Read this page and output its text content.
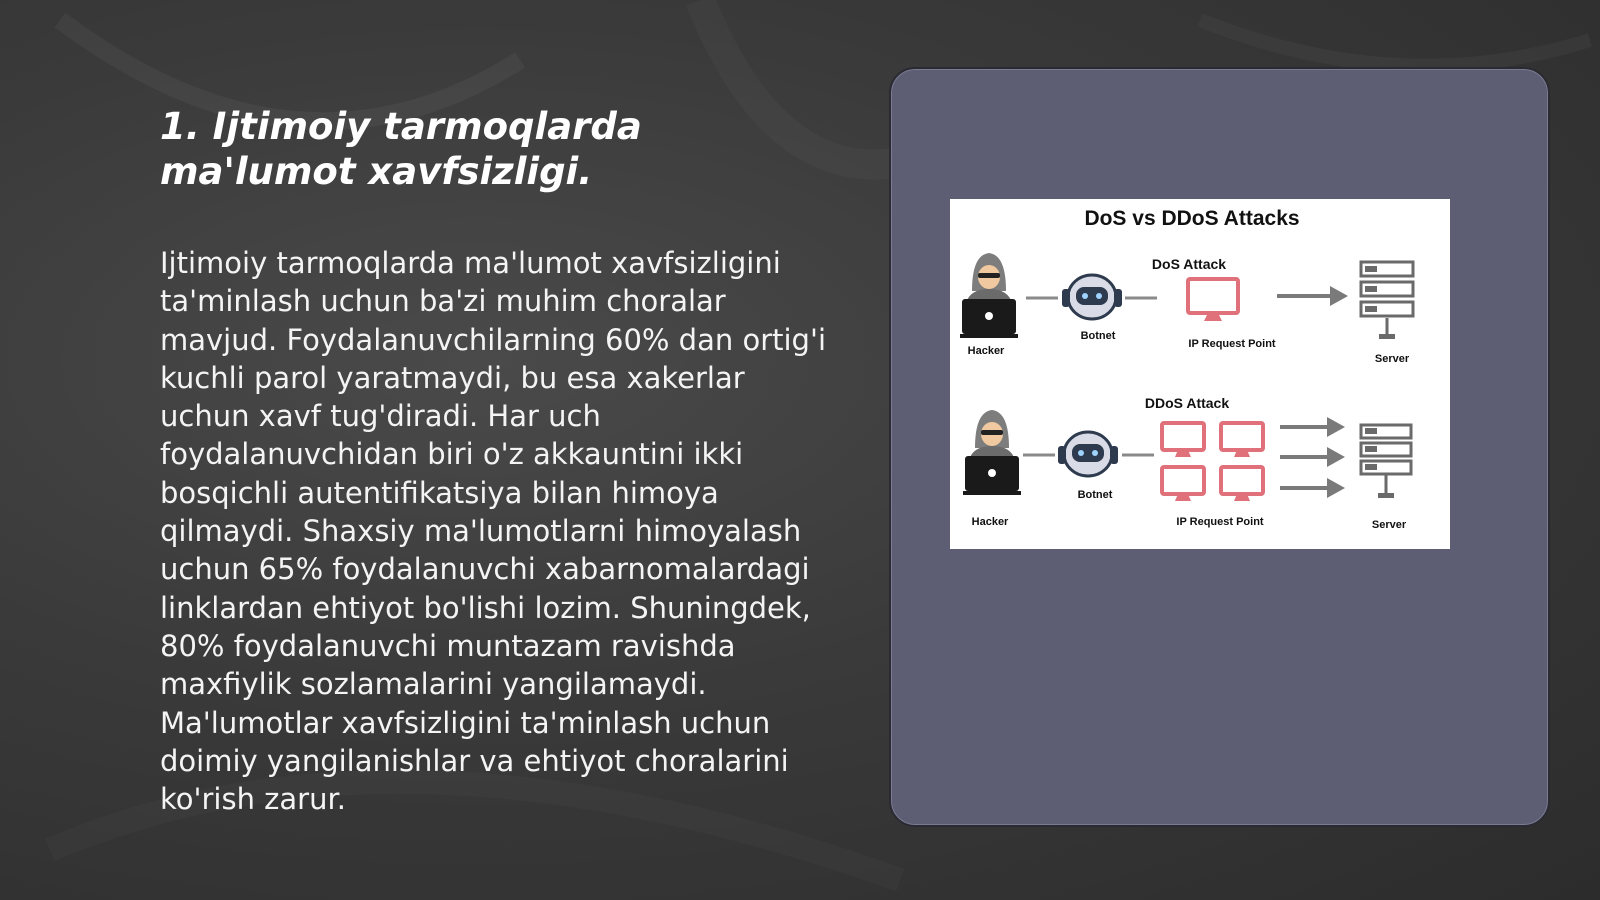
1. Ijtimoiy tarmoqlarda ma'lumot xavfsizligi.

Ijtimoiy tarmoqlarda ma'lumot xavfsizligini ta'minlash uchun ba'zi muhim choralar mavjud. Foydalanuvchilarning 60% dan ortig'i kuchli parol yaratmaydi, bu esa xakerlar uchun xavf tug'diradi. Har uch foydalanuvchidan biri o'z akkauntini ikki bosqichli autentifikatsiya bilan himoya qilmaydi. Shaxsiy ma'lumotlarni himoyalash uchun 65% foydalanuvchi xabarnomalardagi linklardan ehtiyot bo'lishi lozim. Shuningdek, 80% foydalanuvchi muntazam ravishda maxfiylik sozlamalarini yangilamaydi. Ma'lumotlar xavfsizligini ta'minlash uchun doimiy yangilanishlar va ehtiyot choralarini ko'rish zarur.

DoS vs DDoS Attacks
DoS Attack
Hacker
Botnet
IP Request Point
Server
DDoS Attack
Hacker
Botnet
IP Request Point	Server
